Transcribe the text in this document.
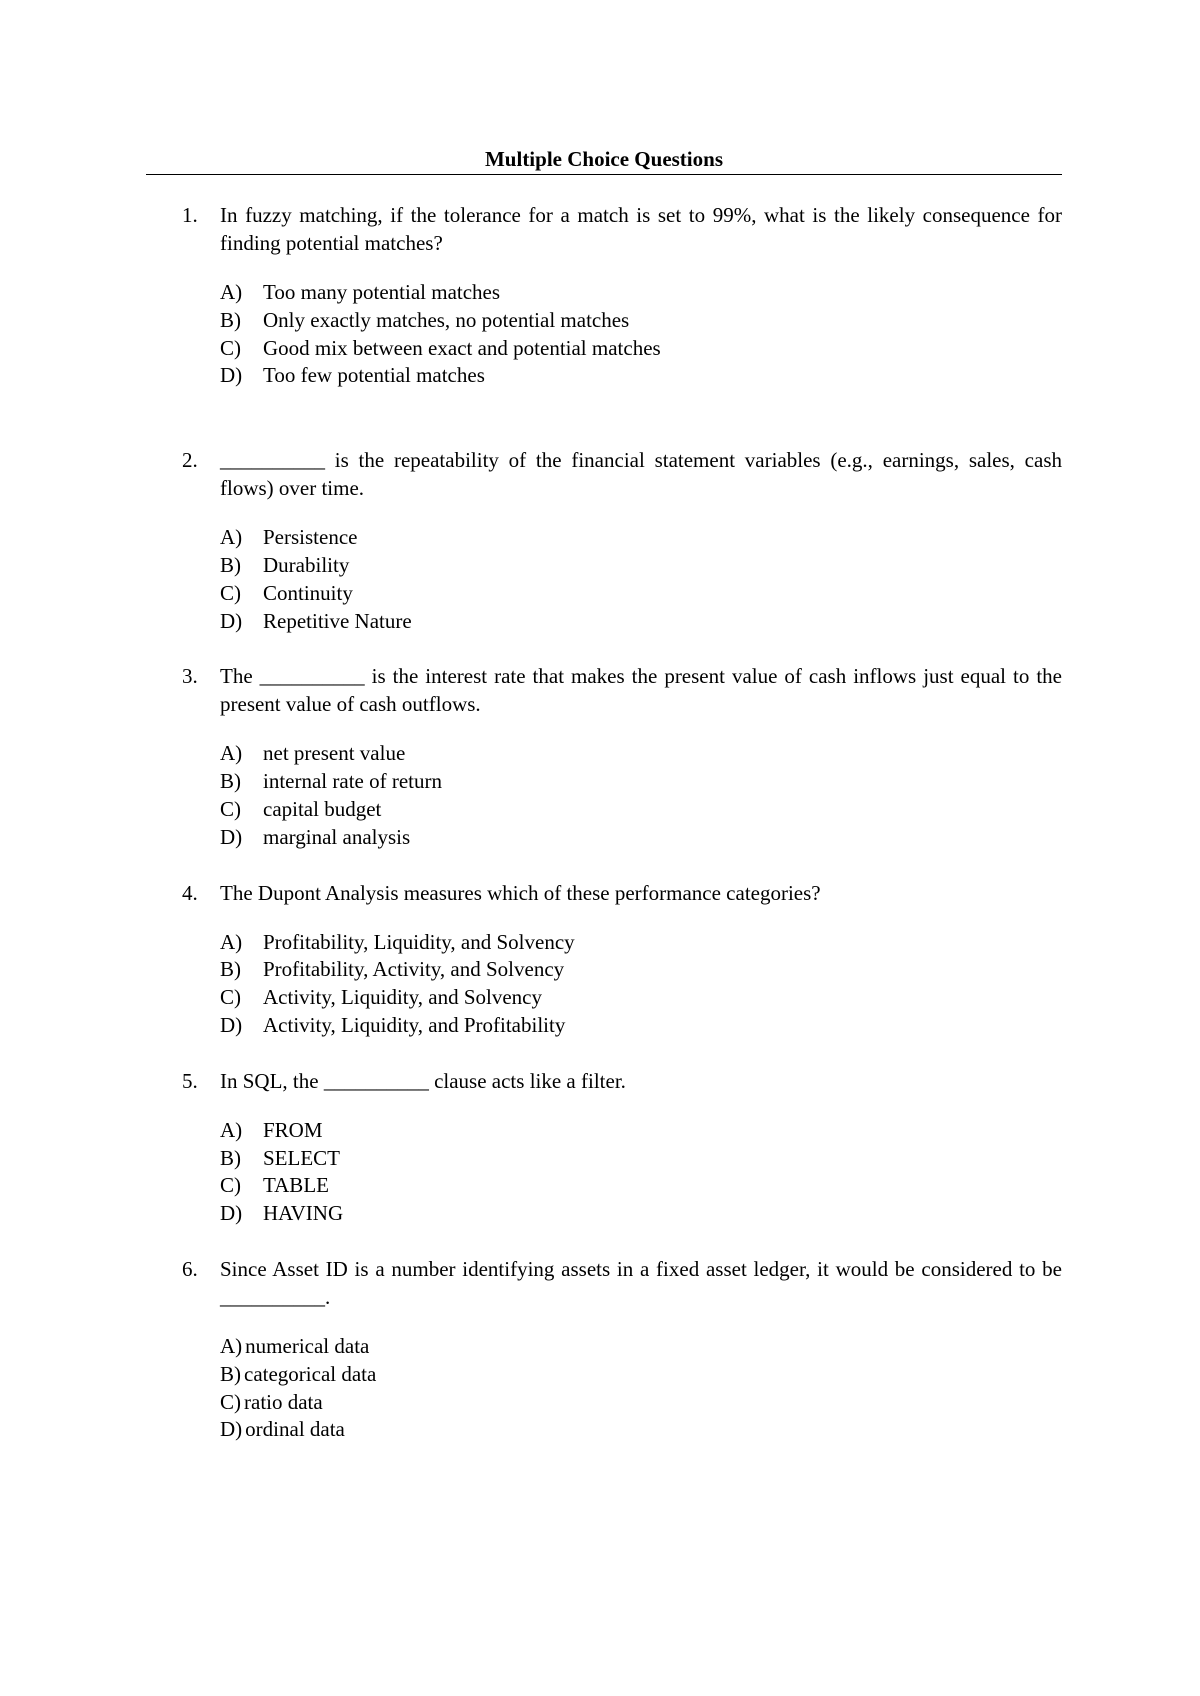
Multiple Choice Questions
1. In fuzzy matching, if the tolerance for a match is set to 99%, what is the likely consequence for finding potential matches?

A) Too many potential matches
B) Only exactly matches, no potential matches
C) Good mix between exact and potential matches
D) Too few potential matches
2. __________ is the repeatability of the financial statement variables (e.g., earnings, sales, cash flows) over time.

A) Persistence
B) Durability
C) Continuity
D) Repetitive Nature
3. The __________ is the interest rate that makes the present value of cash inflows just equal to the present value of cash outflows.

A) net present value
B) internal rate of return
C) capital budget
D) marginal analysis
4. The Dupont Analysis measures which of these performance categories?

A) Profitability, Liquidity, and Solvency
B) Profitability, Activity, and Solvency
C) Activity, Liquidity, and Solvency
D) Activity, Liquidity, and Profitability
5. In SQL, the __________ clause acts like a filter.

A) FROM
B) SELECT
C) TABLE
D) HAVING
6. Since Asset ID is a number identifying assets in a fixed asset ledger, it would be considered to be __________.

A) numerical data
B) categorical data
C) ratio data
D) ordinal data
